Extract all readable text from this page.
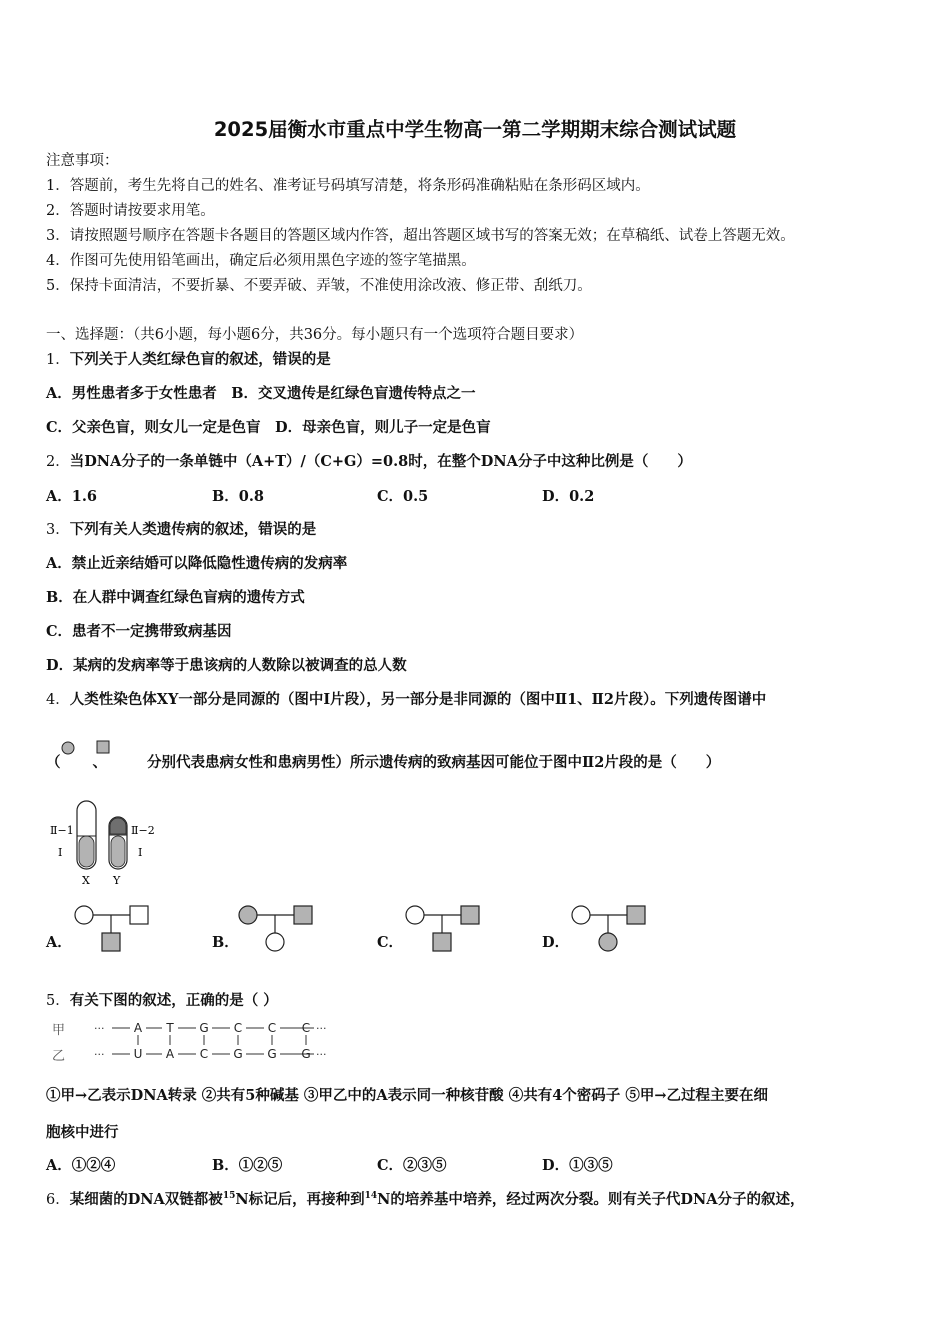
2025届衡水市重点中学生物高一第二学期期末综合测试试题
注意事项：
1．答题前，考生先将自己的姓名、准考证号码填写清楚，将条形码准确粘贴在条形码区域内。
2．答题时请按要求用笔。
3．请按照题号顺序在答题卡各题目的答题区域内作答，超出答题区域书写的答案无效；在草稿纸、试卷上答题无效。
4．作图可先使用铅笔画出，确定后必须用黑色字迹的签字笔描黑。
5．保持卡面清洁，不要折暴、不要弄破、弄皱，不准使用涂改液、修正带、刮纸刀。
一、选择题：（共6小题，每小题6分，共36分。每小题只有一个选项符合题目要求）
1．下列关于人类红绿色盲的叙述，错误的是
A．男性患者多于女性患者　B．交叉遗传是红绿色盲遗传特点之一
C．父亲色盲，则女儿一定是色盲　D．母亲色盲，则儿子一定是色盲
2．当DNA分子的一条单链中（A+T）/（C+G）=0.8时，在整个DNA分子中这种比例是（　　）
A．1.6	B．0.8	C．0.5	D．0.2
3．下列有关人类遗传病的叙述，错误的是
A．禁止近亲结婚可以降低隐性遗传病的发病率
B．在人群中调查红绿色盲病的遗传方式
C．患者不一定携带致病基因
D．某病的发病率等于患该病的人数除以被调查的总人数
4．人类性染色体XY一部分是同源的（图中Ⅰ片段），另一部分是非同源的（图中Ⅱ1、Ⅱ2片段）。下列遗传图谱中
（ 、	分别代表患病女性和患病男性）所示遗传病的致病基因可能位于图中Ⅱ2片段的是（　　）
Ⅱ−1
Ⅰ
Ⅱ−2
Ⅰ
X Y
A．	B．	C．	D．
5．有关下图的叙述，正确的是（ ）
甲
乙
···
···
A T G C C C
U A C G G G
···
···
①甲→乙表示DNA转录 ②共有5种碱基 ③甲乙中的A表示同一种核苷酸 ④共有4个密码子 ⑤甲→乙过程主要在细
胞核中进行
A．①②④	B．①②⑤	C．②③⑤	D．①③⑤
6．某细菌的DNA双链都被$^{15}$N标记后，再接种到$^{14}$N的培养基中培养，经过两次分裂。则有关子代DNA分子的叙述，
